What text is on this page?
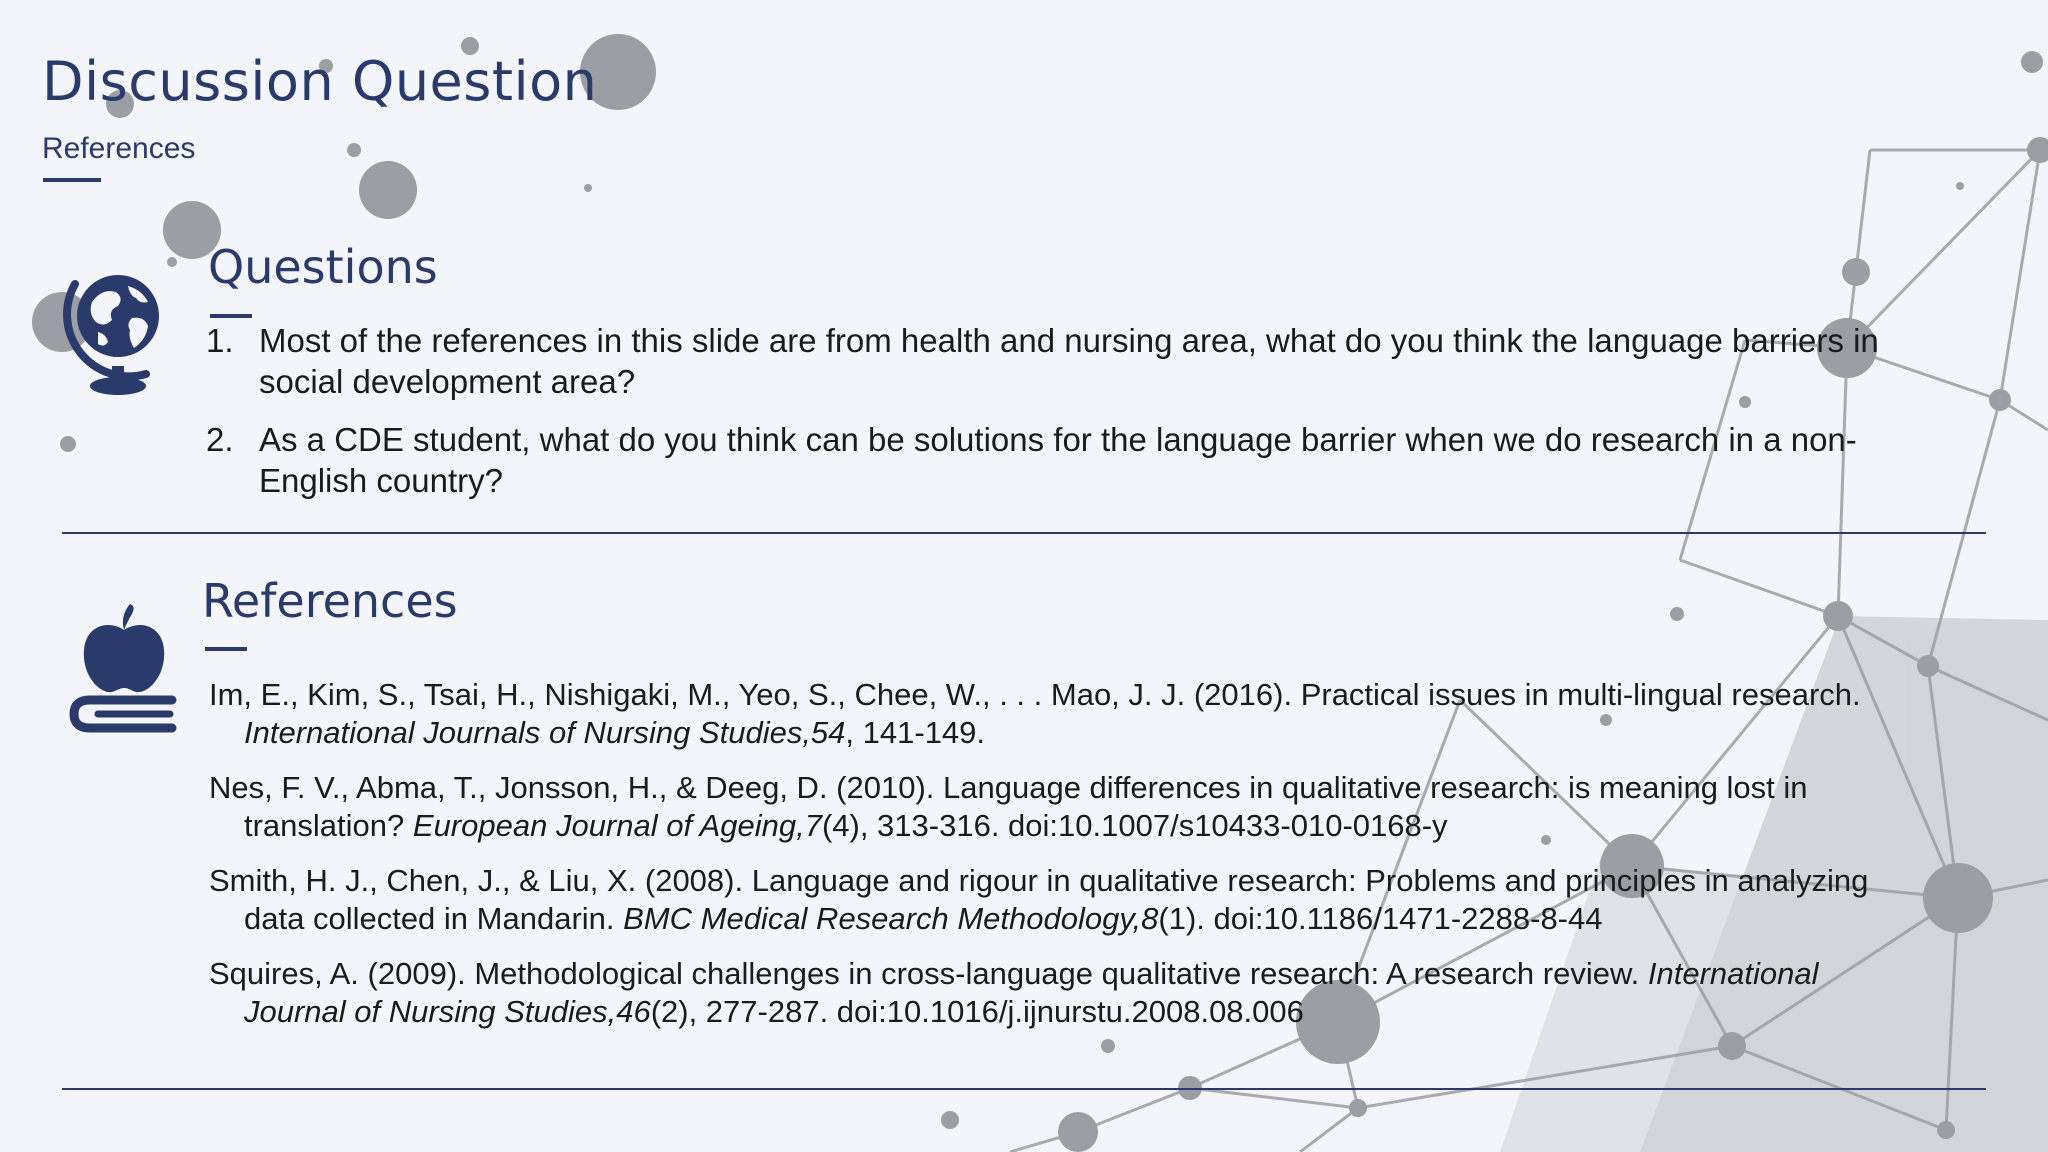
Discussion Question
References
Questions
1. Most of the references in this slide are from health and nursing area, what do you think the language barriers in social development area?
2. As a CDE student, what do you think can be solutions for the language barrier when we do research in a non-English country?
References

Im, E., Kim, S., Tsai, H., Nishigaki, M., Yeo, S., Chee, W., . . . Mao, J. J. (2016). Practical issues in multi-lingual research. International Journals of Nursing Studies,54, 141-149.

Nes, F. V., Abma, T., Jonsson, H., & Deeg, D. (2010). Language differences in qualitative research: is meaning lost in translation? European Journal of Ageing,7(4), 313-316. doi:10.1007/s10433-010-0168-y

Smith, H. J., Chen, J., & Liu, X. (2008). Language and rigour in qualitative research: Problems and principles in analyzing data collected in Mandarin. BMC Medical Research Methodology,8(1). doi:10.1186/1471-2288-8-44

Squires, A. (2009). Methodological challenges in cross-language qualitative research: A research review. International Journal of Nursing Studies,46(2), 277-287. doi:10.1016/j.ijnurstu.2008.08.006
